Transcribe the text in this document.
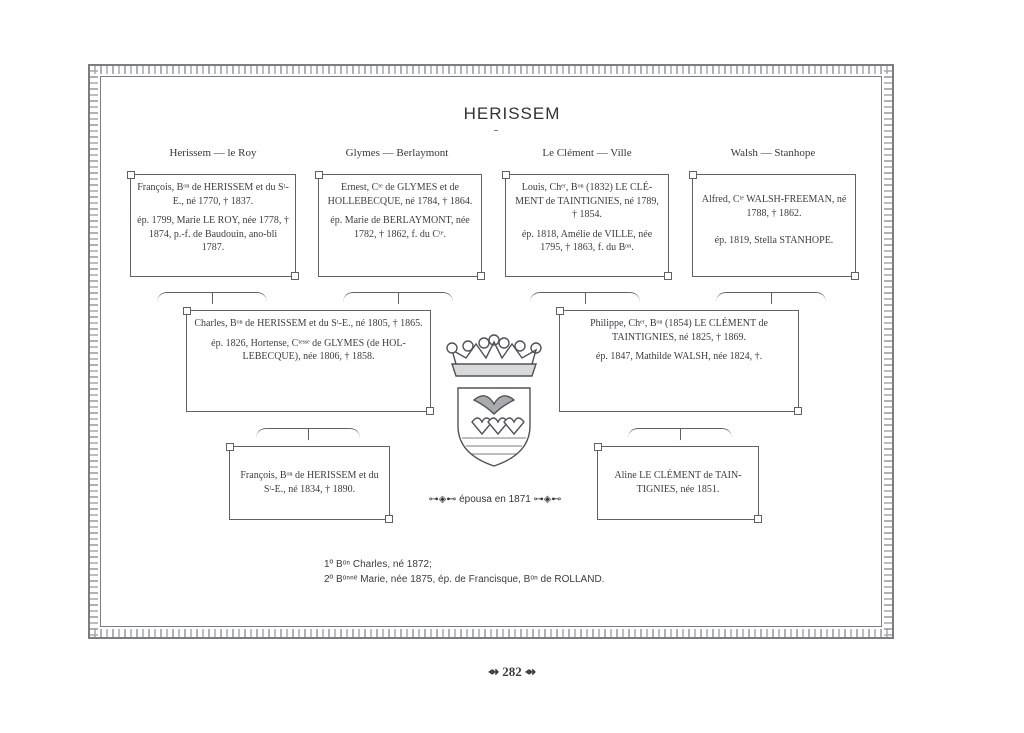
HERISSEM
Herissem — le Roy	Glymes — Berlaymont	Le Clément — Ville	Walsh — Stanhope

François, Bᵒⁿ de HERISSEM et du Sᵗ-E., né 1770, † 1837.

ép. 1799, Marie LE ROY, née 1778, † 1874, p.-f. de Baudouin, ano-bli 1787.

Ernest, Cᵗᵉ de GLYMES et de HOLLEBECQUE, né 1784, † 1864.

ép. Marie de BERLAYMONT, née 1782, † 1862, f. du Cᵗᵉ.

Louis, Chᵉʳ, Bᵒⁿ (1832) LE CLÉ-MENT de TAINTIGNIES, né 1789, † 1854.

ép. 1818, Amélie de VILLE, née 1795, † 1863, f. du Bᵒⁿ.

Alfred, Cᵗᵉ WALSH-FREEMAN, né 1788, † 1862.

ép. 1819, Stella STANHOPE.

Charles, Bᵒⁿ de HERISSEM et du Sᵗ-E., né 1805, † 1865.

ép. 1826, Hortense, Cᵗᵉˢˢᵉ de GLYMES (de HOL-LEBECQUE), née 1806, † 1858.

Philippe, Chᵉʳ, Bᵒⁿ (1854) LE CLÉMENT de TAINTIGNIES, né 1825, † 1869.

ép. 1847, Mathilde WALSH, née 1824, †.

François, Bᵒⁿ de HERISSEM et du Sᵗ-E., né 1834, † 1890.

Aline LE CLÉMENT de TAIN-TIGNIES, née 1851.

⊶◈⊷ épousa en 1871 ⊶◈⊷
1º Bᵒⁿ Charles, né 1872;
2º Bᵒⁿⁿᵉ Marie, née 1875, ép. de Francisque, Bᵒⁿ de ROLLAND.
⇴ 282 ⇴
